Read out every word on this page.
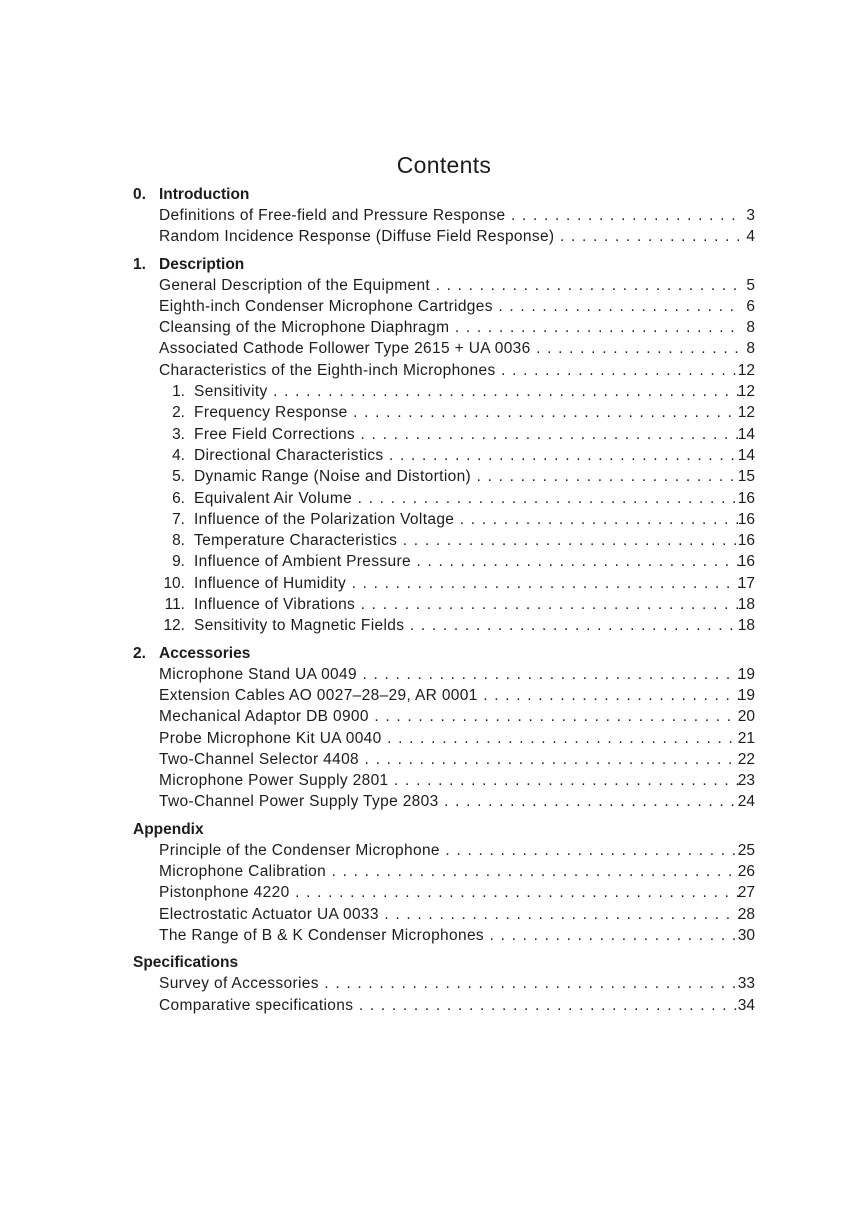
Contents
0. Introduction
Definitions of Free-field and Pressure Response . . .	3
Random Incidence Response (Diffuse Field Response) . . .	4
1. Description
General Description of the Equipment . . .	5
Eighth-inch Condenser Microphone Cartridges . . .	6
Cleansing of the Microphone Diaphragm . . .	8
Associated Cathode Follower Type 2615 + UA 0036 . . .	8
Characteristics of the Eighth-inch Microphones . . .	12
1. Sensitivity . . .	12
2. Frequency Response . . .	12
3. Free Field Corrections . . .	14
4. Directional Characteristics . . .	14
5. Dynamic Range (Noise and Distortion) . . .	15
6. Equivalent Air Volume . . .	16
7. Influence of the Polarization Voltage . . .	16
8. Temperature Characteristics . . .	16
9. Influence of Ambient Pressure . . .	16
10. Influence of Humidity . . .	17
11. Influence of Vibrations . . .	18
12. Sensitivity to Magnetic Fields . . .	18
2. Accessories
Microphone Stand UA 0049 . . .	19
Extension Cables AO 0027–28–29, AR 0001 . . .	19
Mechanical Adaptor DB 0900 . . .	20
Probe Microphone Kit UA 0040 . . .	21
Two-Channel Selector 4408 . . .	22
Microphone Power Supply 2801 . . .	23
Two-Channel Power Supply Type 2803 . . .	24
Appendix
Principle of the Condenser Microphone . . .	25
Microphone Calibration . . .	26
Pistonphone 4220 . . .	27
Electrostatic Actuator UA 0033 . . .	28
The Range of B & K Condenser Microphones . . .	30
Specifications
Survey of Accessories . . .	33
Comparative specifications . . .	34
